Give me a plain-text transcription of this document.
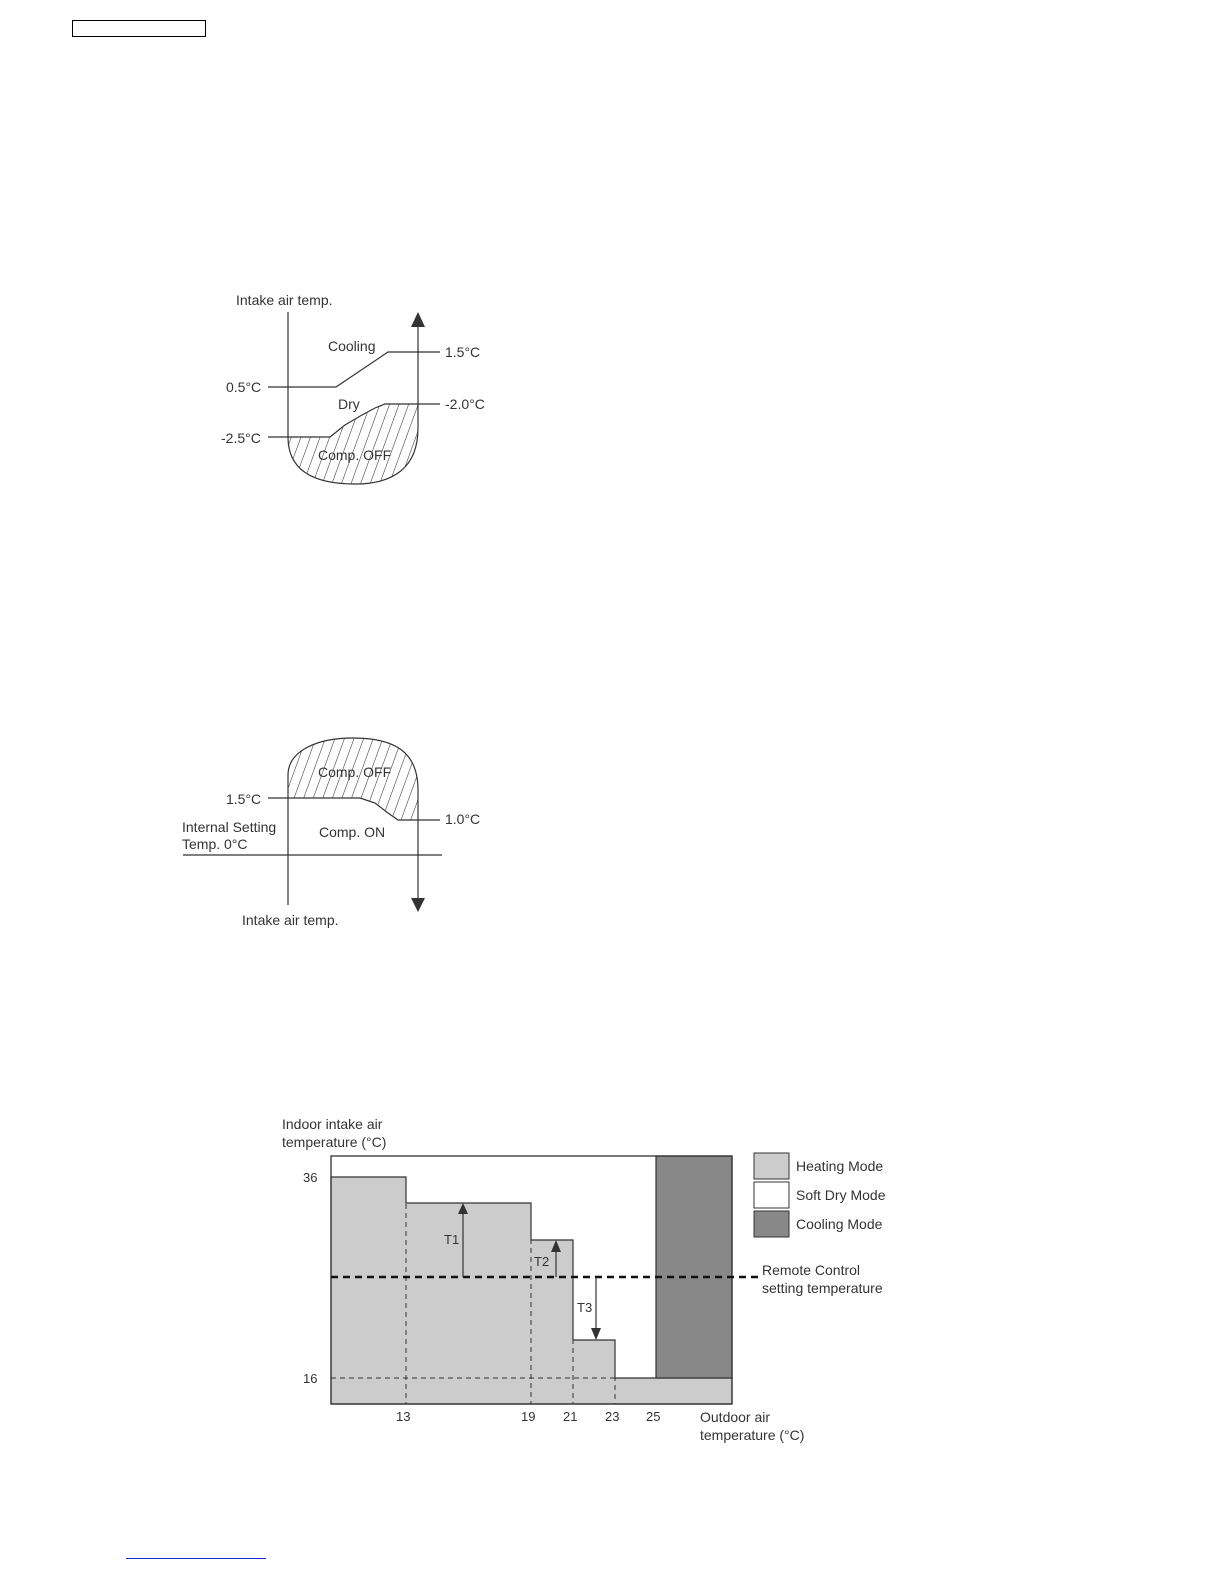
Intake air temp.
Cooling
Dry
Comp. OFF
0.5°C
-2.5°C
1.5°C
-2.0°C
Comp. OFF
Comp. ON
1.5°C
1.0°C
Internal Setting
Temp. 0°C
Intake air temp.
T1
T2
T3
Indoor intake air
temperature (°C)
36
16
13	19 21 23 25	Outdoor air
temperature (°C)
Remote Control
setting temperature
Heating Mode
Soft Dry Mode
Cooling Mode
